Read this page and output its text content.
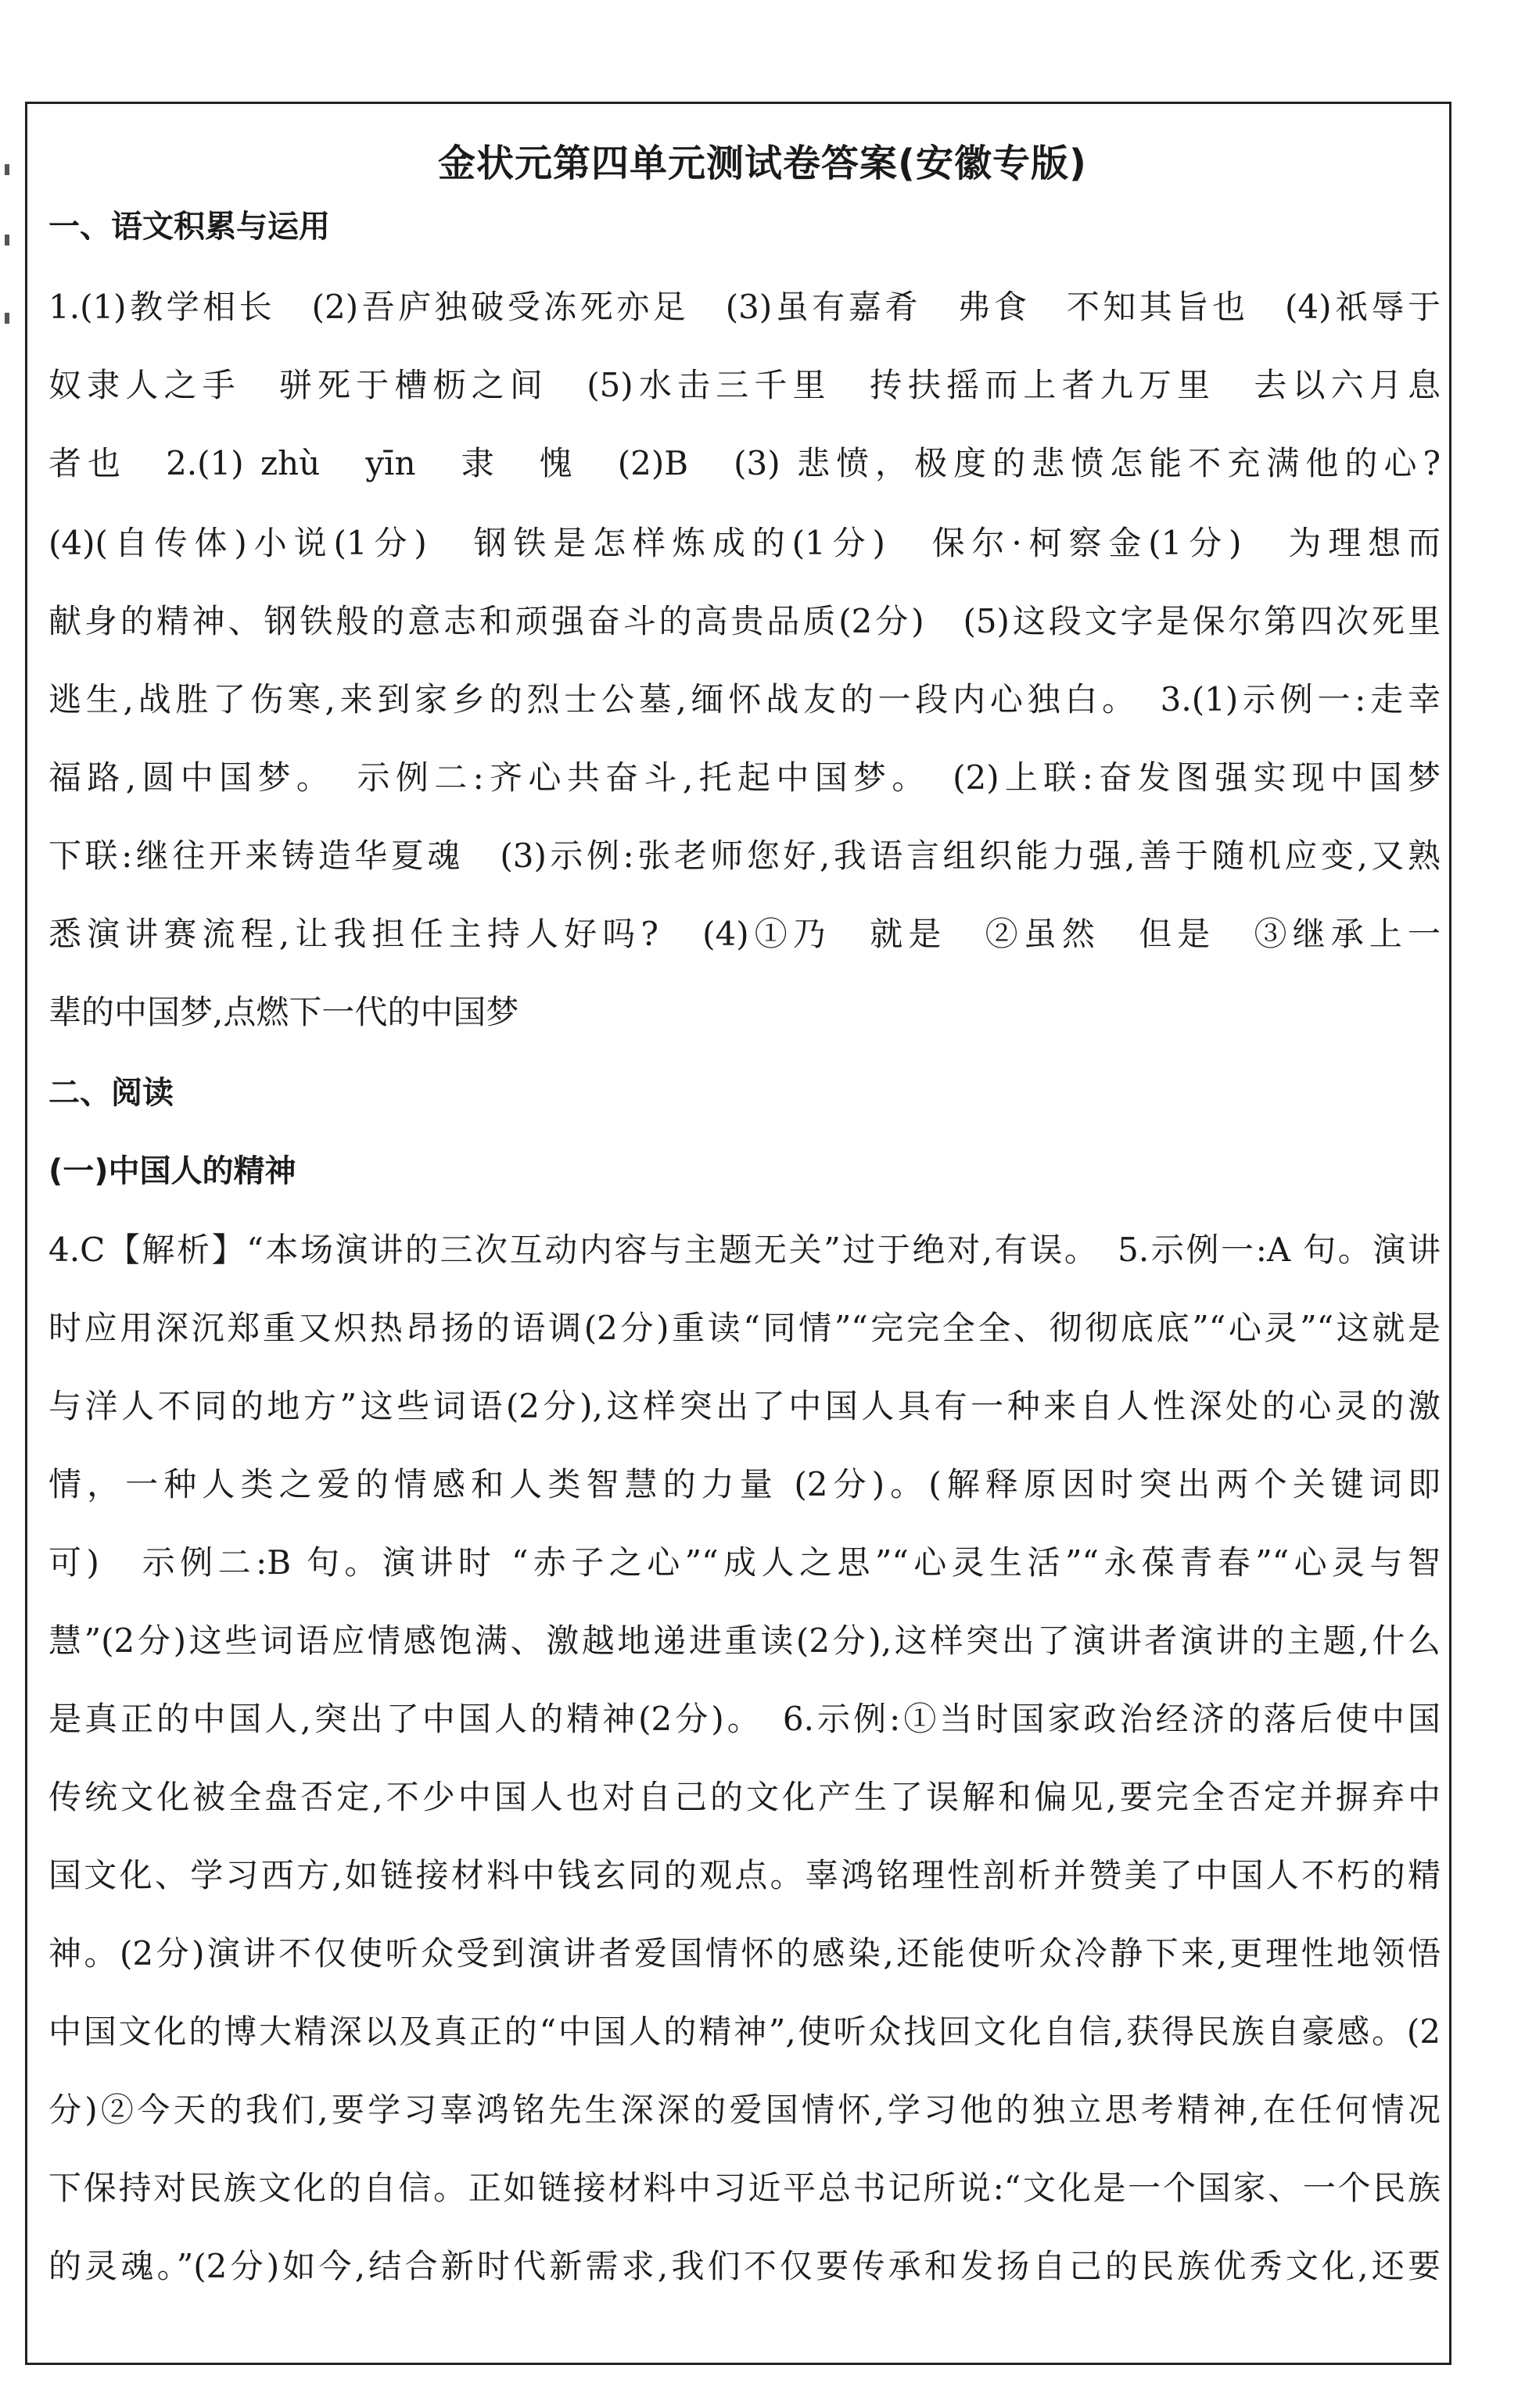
金状元第四单元测试卷答案(安徽专版)
一、语文积累与运用
1.(1)教学相长　(2)吾庐独破受冻死亦足　(3)虽有嘉肴　弗食　不知其旨也　(4)祇辱于
奴隶人之手　骈死于槽枥之间　(5)水击三千里　抟扶摇而上者九万里　去以六月息
者也　2.(1) zhù　yīn　隶　愧　(2)B　(3) 悲愤，极度的悲愤怎能不充满他的心?
(4)(自传体)小说(1分)　钢铁是怎样炼成的(1分)　保尔·柯察金(1分)　为理想而
献身的精神、钢铁般的意志和顽强奋斗的高贵品质(2分)　(5)这段文字是保尔第四次死里
逃生,战胜了伤寒,来到家乡的烈士公墓,缅怀战友的一段内心独白。　3.(1)示例一:走幸
福路,圆中国梦。　示例二:齐心共奋斗,托起中国梦。　(2)上联:奋发图强实现中国梦
下联:继往开来铸造华夏魂　(3)示例:张老师您好,我语言组织能力强,善于随机应变,又熟
悉演讲赛流程,让我担任主持人好吗?　(4)①乃　就是　②虽然　但是　③继承上一
辈的中国梦,点燃下一代的中国梦
二、阅读
(一)中国人的精神
4.C【解析】“本场演讲的三次互动内容与主题无关”过于绝对,有误。　5.示例一:A 句。演讲
时应用深沉郑重又炽热昂扬的语调(2分)重读“同情”“完完全全、彻彻底底”“心灵”“这就是
与洋人不同的地方”这些词语(2分),这样突出了中国人具有一种来自人性深处的心灵的激
情，一种人类之爱的情感和人类智慧的力量 (2分)。(解释原因时突出两个关键词即
可)　示例二:B 句。演讲时 “赤子之心”“成人之思”“心灵生活”“永葆青春”“心灵与智
慧”(2分)这些词语应情感饱满、激越地递进重读(2分),这样突出了演讲者演讲的主题,什么
是真正的中国人,突出了中国人的精神(2分)。　6.示例:①当时国家政治经济的落后使中国
传统文化被全盘否定,不少中国人也对自己的文化产生了误解和偏见,要完全否定并摒弃中
国文化、学习西方,如链接材料中钱玄同的观点。辜鸿铭理性剖析并赞美了中国人不朽的精
神。(2分)演讲不仅使听众受到演讲者爱国情怀的感染,还能使听众冷静下来,更理性地领悟
中国文化的博大精深以及真正的“中国人的精神”,使听众找回文化自信,获得民族自豪感。(2
分)②今天的我们,要学习辜鸿铭先生深深的爱国情怀,学习他的独立思考精神,在任何情况
下保持对民族文化的自信。正如链接材料中习近平总书记所说:“文化是一个国家、一个民族
的灵魂。”(2分)如今,结合新时代新需求,我们不仅要传承和发扬自己的民族优秀文化,还要
